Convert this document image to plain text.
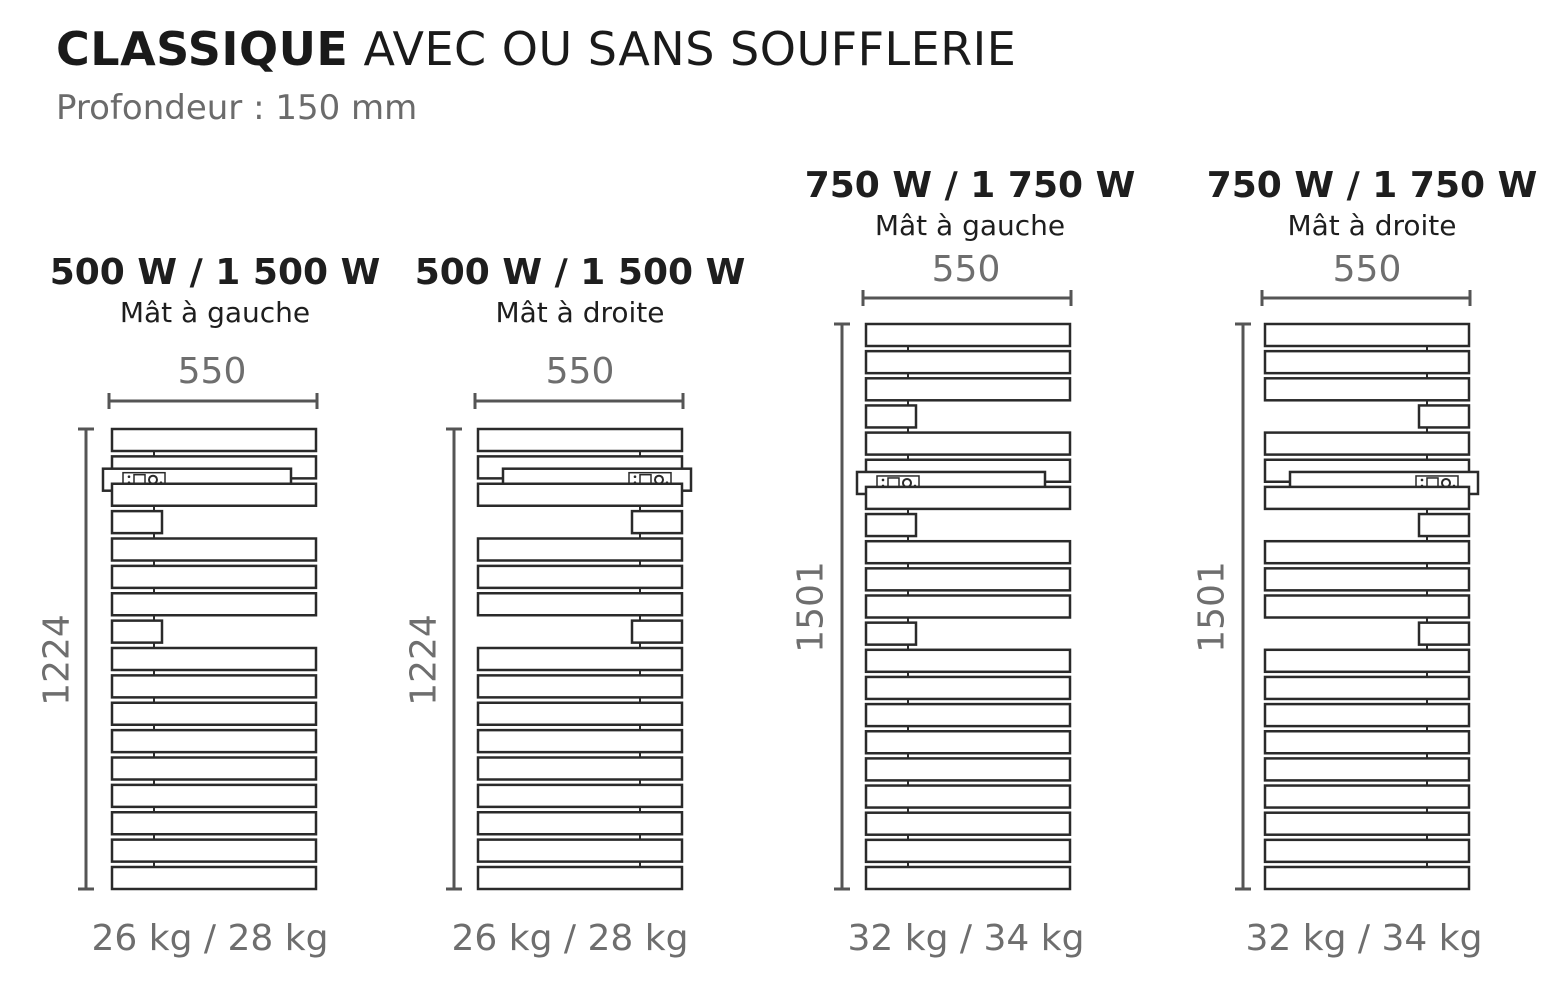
CLASSIQUE AVEC OU SANS SOUFFLERIE
Profondeur : 150 mm
500 W / 1 500 W
Mât à gauche
550
1224
26 kg / 28 kg
500 W / 1 500 W
Mât à droite
550
1224
26 kg / 28 kg
750 W / 1 750 W
Mât à gauche
550
1501
32 kg / 34 kg
750 W / 1 750 W
Mât à droite
550
1501
32 kg / 34 kg
